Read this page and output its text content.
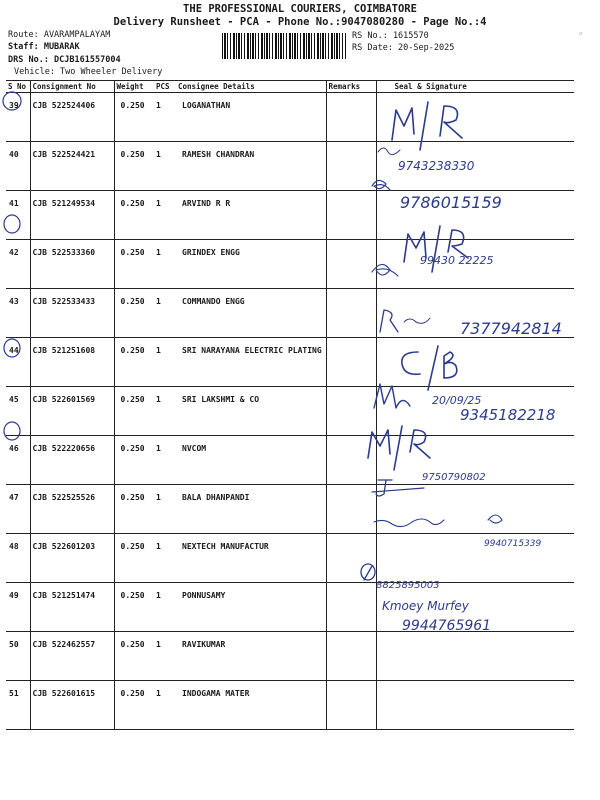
THE PROFESSIONAL COURIERS, COIMBATORE
Delivery Runsheet - PCA - Phone No.:9047080280 - Page No.:4
Route: AVARAMPALAYAM
Staff: MUBARAK
DRS No.: DCJB161557004
Vehicle: Two Wheeler Delivery
RS No.: 1615570
RS Date: 20-Sep-2025
◦
S No	Consignment No	Weight	PCS	Consignee Details	Remarks	Seal & Signature
39	CJB 522524406	0.250	1	LOGANATHAN		
40	CJB 522524421	0.250	1	RAMESH CHANDRAN		
41	CJB 521249534	0.250	1	ARVIND R R		
42	CJB 522533360	0.250	1	GRINDEX ENGG		
43	CJB 522533433	0.250	1	COMMANDO ENGG		
44	CJB 521251608	0.250	1	SRI NARAYANA ELECTRIC PLATING		
45	CJB 522601569	0.250	1	SRI LAKSHMI & CO		
46	CJB 522220656	0.250	1	NVCOM		
47	CJB 522525526	0.250	1	BALA DHANPANDI		
48	CJB 522601203	0.250	1	NEXTECH MANUFACTUR		
49	CJB 521251474	0.250	1	PONNUSAMY		
50	CJB 522462557	0.250	1	RAVIKUMAR		
51	CJB 522601615	0.250	1	INDOGAMA MATER		
9743238330
9786015159
99430 22225
7377942814
20/09/25
9345182218
9750790802
9940715339
8825895003
Kmoey Murfey
9944765961
